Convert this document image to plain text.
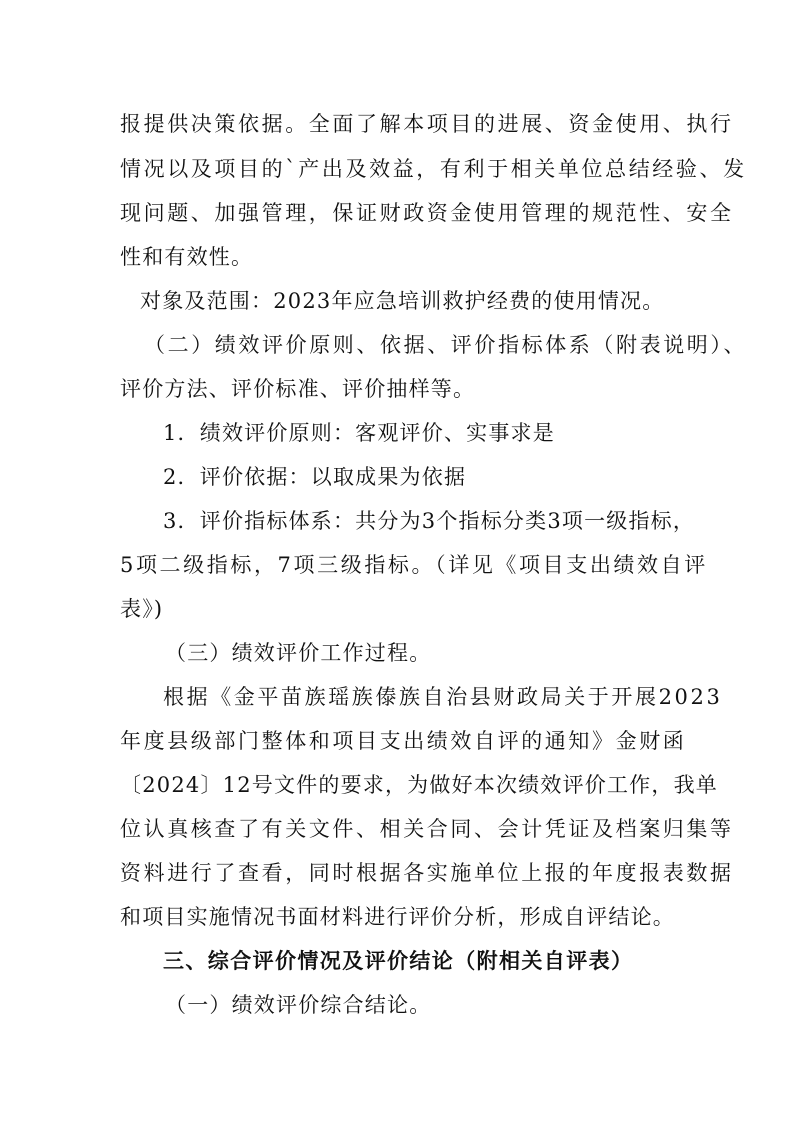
报提供决策依据。全面了解本项目的进展、资金使用、执行
情况以及项目的`产出及效益，有利于相关单位总结经验、发
现问题、加强管理，保证财政资金使用管理的规范性、安全
性和有效性。
对象及范围：2023年应急培训救护经费的使用情况。
（二）绩效评价原则、依据、评价指标体系（附表说明）、
评价方法、评价标准、评价抽样等。
1．绩效评价原则：客观评价、实事求是
2．评价依据：以取成果为依据
3．评价指标体系：共分为3个指标分类3项一级指标，
5项二级指标，7项三级指标。（详见《项目支出绩效自评
表》)
（三）绩效评价工作过程。
根据《金平苗族瑶族傣族自治县财政局关于开展2023
年度县级部门整体和项目支出绩效自评的通知》金财函
〔2024〕12号文件的要求，为做好本次绩效评价工作，我单
位认真核查了有关文件、相关合同、会计凭证及档案归集等
资料进行了查看，同时根据各实施单位上报的年度报表数据
和项目实施情况书面材料进行评价分析，形成自评结论。
三、综合评价情况及评价结论（附相关自评表）
（一）绩效评价综合结论。
